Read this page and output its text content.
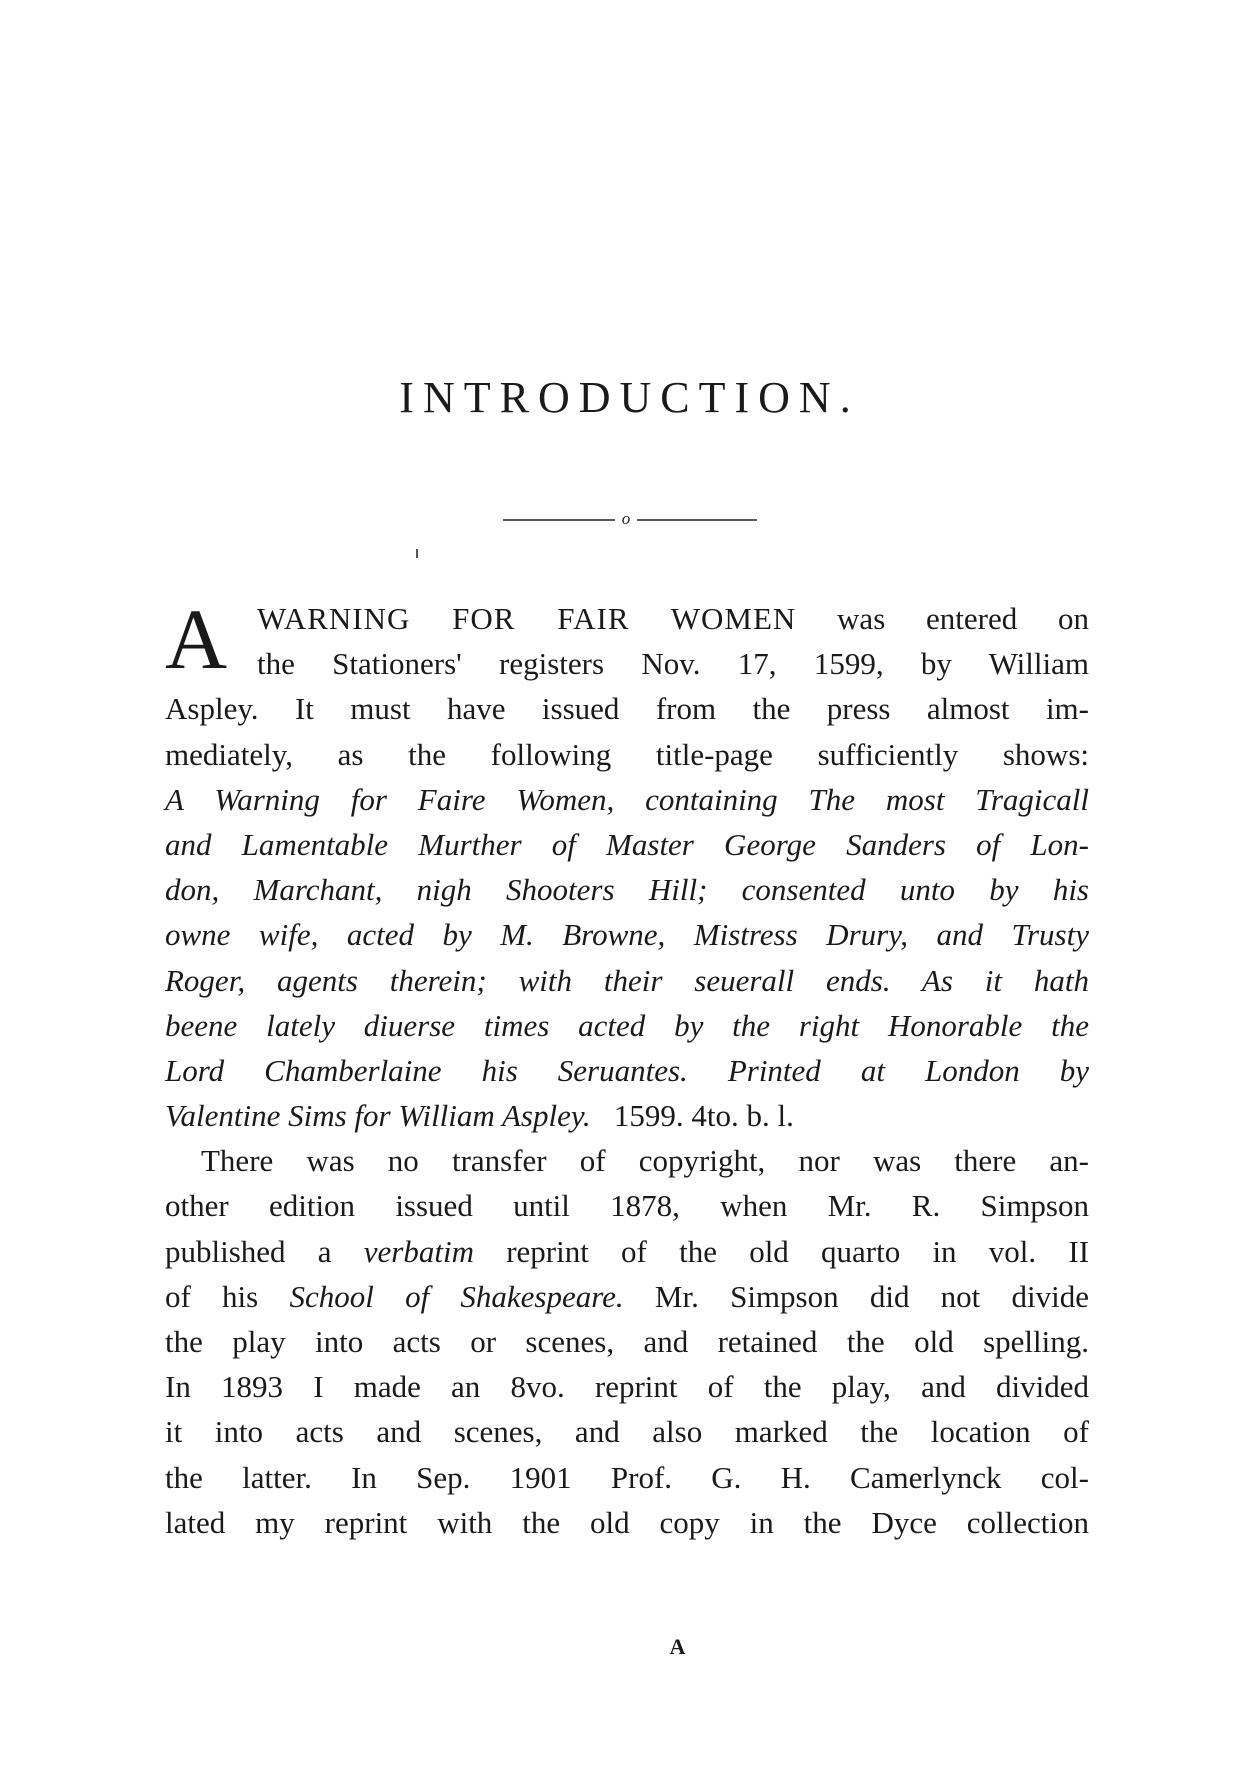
INTRODUCTION.
o
A WARNING FOR FAIR WOMEN was entered on
the Stationers' registers Nov. 17, 1599, by William
Aspley. It must have issued from the press almost im-
mediately, as the following title-page sufficiently shows:
A Warning for Faire Women, containing The most Tragicall
and Lamentable Murther of Master George Sanders of Lon-
don, Marchant, nigh Shooters Hill; consented unto by his
owne wife, acted by M. Browne, Mistress Drury, and Trusty
Roger, agents therein; with their seuerall ends. As it hath
beene lately diuerse times acted by the right Honorable the
Lord Chamberlaine his Seruantes. Printed at London by
Valentine Sims for William Aspley. 1599. 4to. b. l.
There was no transfer of copyright, nor was there an-
other edition issued until 1878, when Mr. R. Simpson
published a verbatim reprint of the old quarto in vol. II
of his School of Shakespeare. Mr. Simpson did not divide
the play into acts or scenes, and retained the old spelling.
In 1893 I made an 8vo. reprint of the play, and divided
it into acts and scenes, and also marked the location of
the latter. In Sep. 1901 Prof. G. H. Camerlynck col-
lated my reprint with the old copy in the Dyce collection
A
